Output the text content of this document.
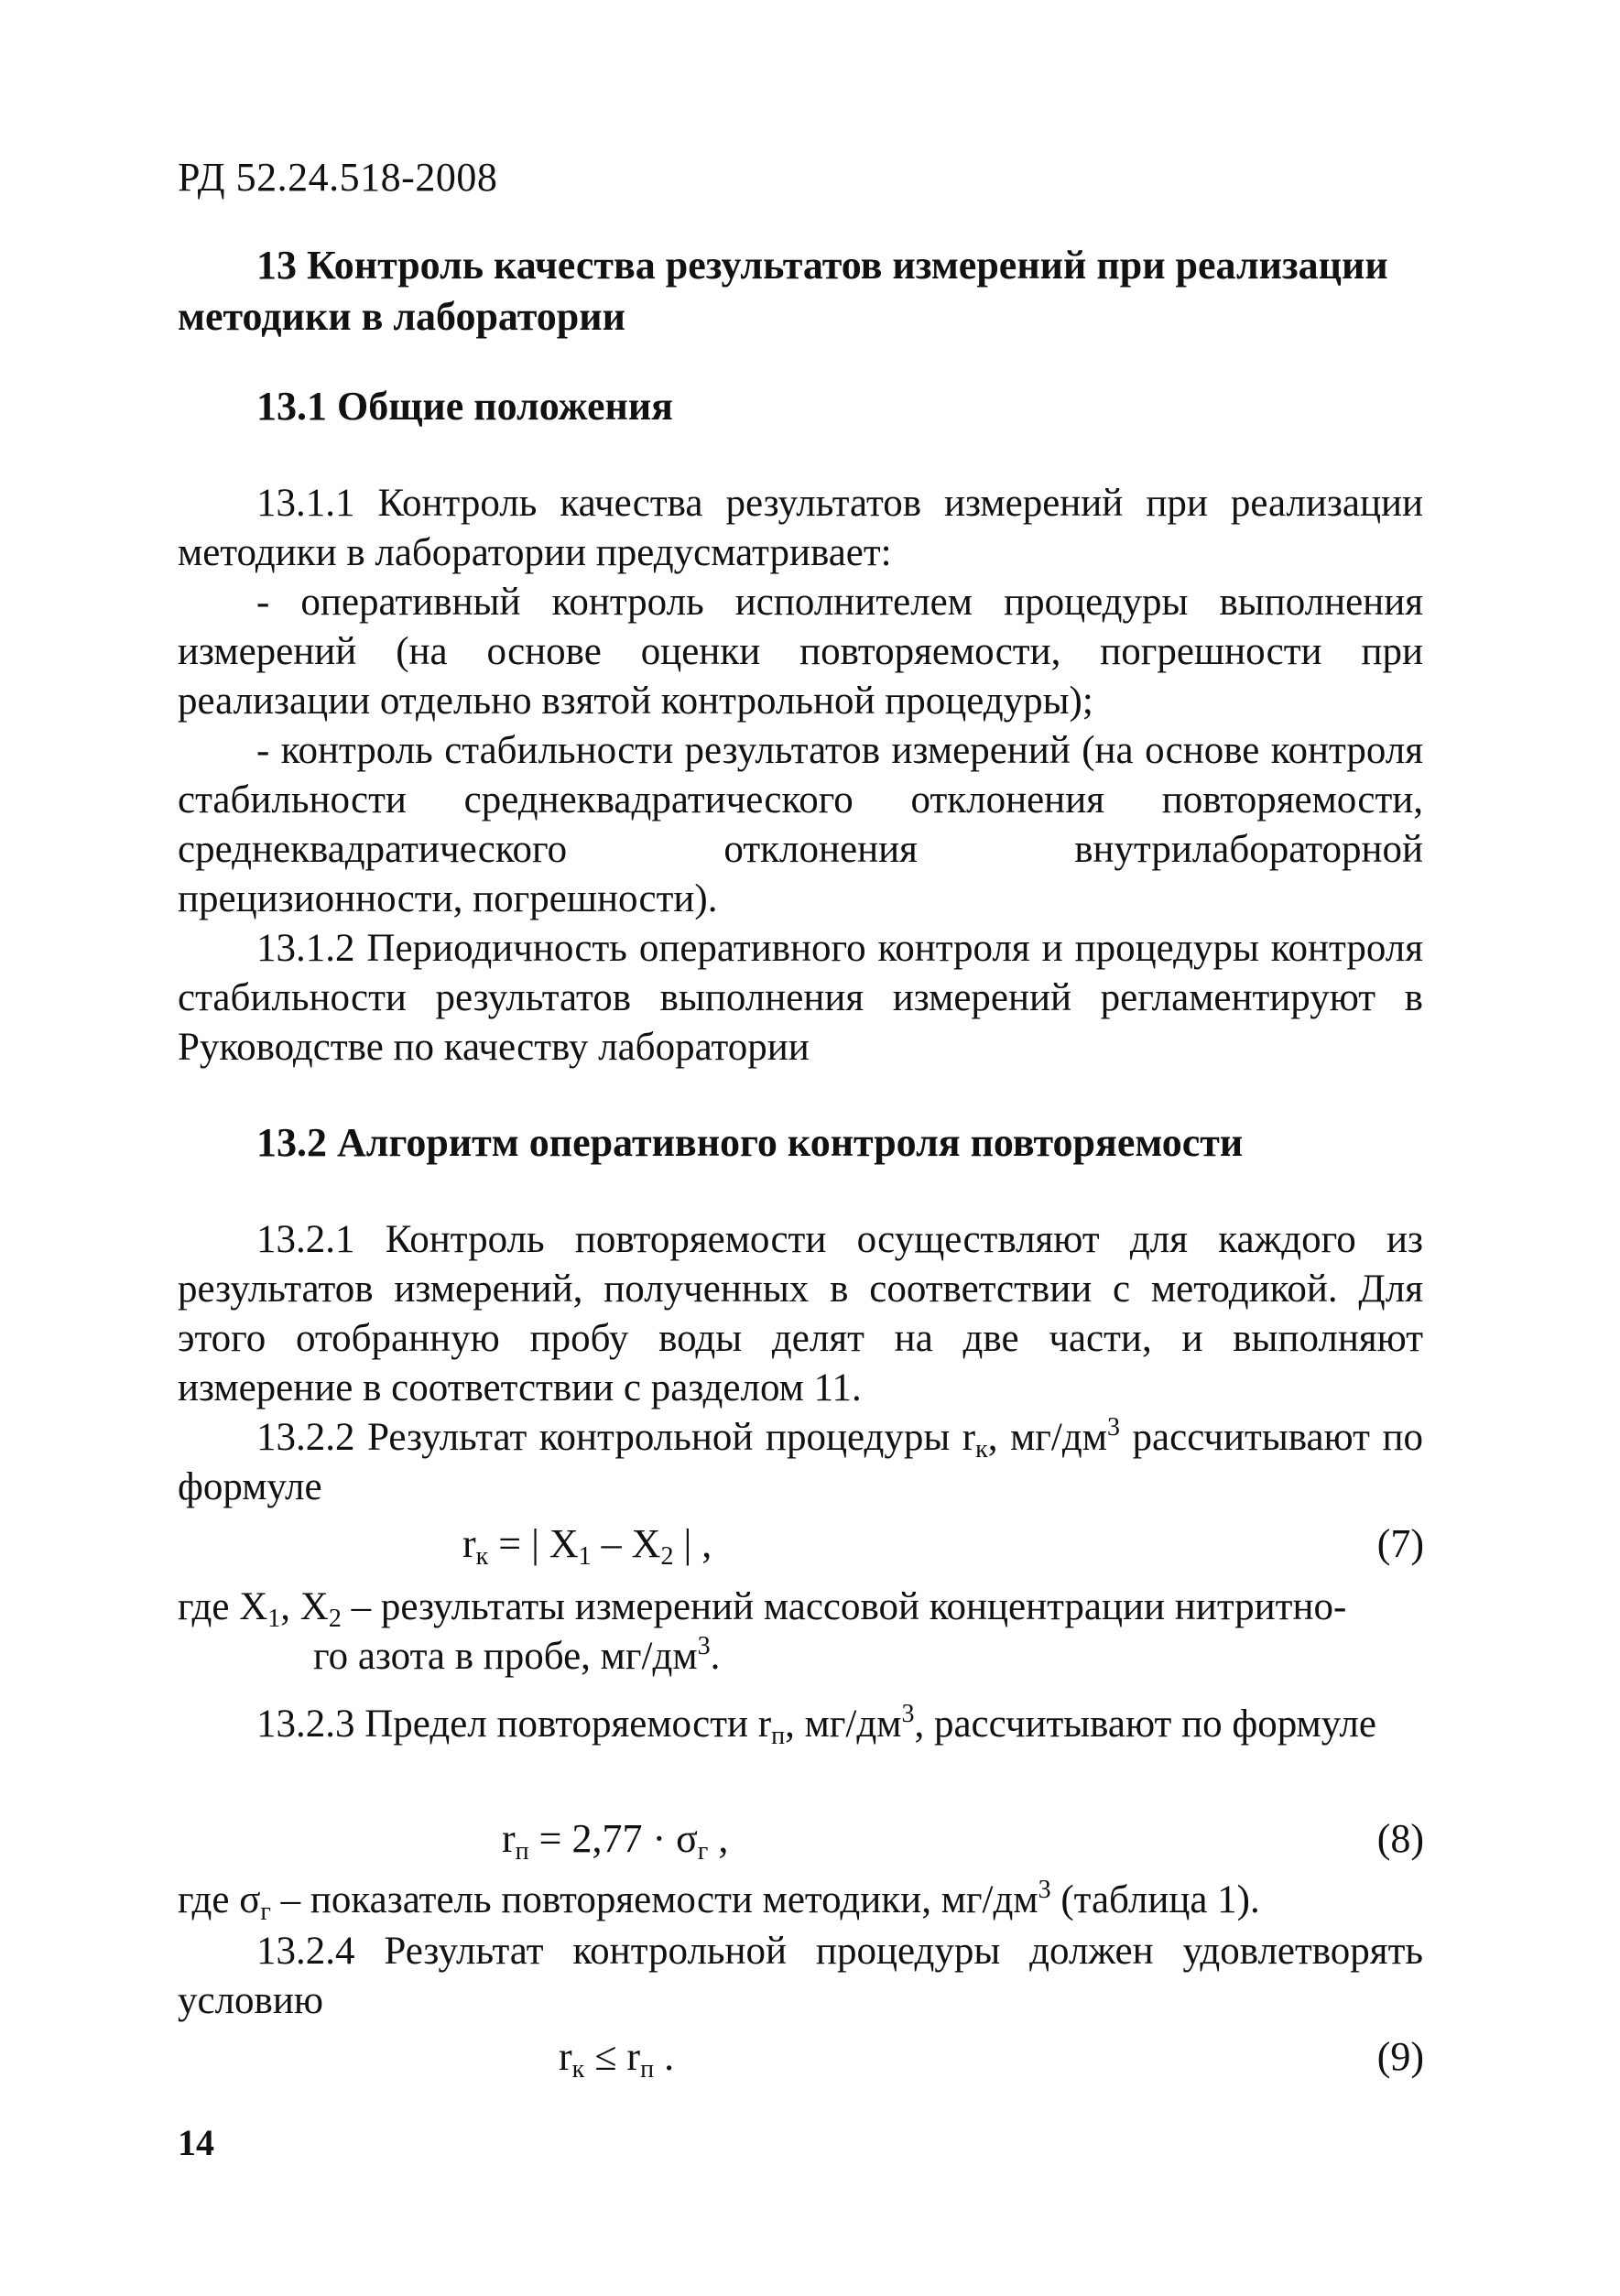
РД 52.24.518-2008
13 Контроль качества результатов измерений при реализации
методики в лаборатории
13.1 Общие положения
13.1.1 Контроль качества результатов измерений при реализации методики в лаборатории предусматривает:
- оперативный контроль исполнителем процедуры выполнения измерений (на основе оценки повторяемости, погрешности при реализации отдельно взятой контрольной процедуры);
- контроль стабильности результатов измерений (на основе контроля стабильности среднеквадратического отклонения повторяемости, среднеквадратического отклонения внутрилабораторной прецизионности, погрешности).
13.1.2 Периодичность оперативного контроля и процедуры контроля стабильности результатов выполнения измерений регламентируют в Руководстве по качеству лаборатории
13.2 Алгоритм оперативного контроля повторяемости
13.2.1 Контроль повторяемости осуществляют для каждого из результатов измерений, полученных в соответствии с методикой. Для этого отобранную пробу воды делят на две части, и выполняют измерение в соответствии с разделом 11.
13.2.2 Результат контрольной процедуры $r_к$, $мг/дм^3$ рассчитывают по формуле
$r_к$ = | $X_1 - X_2$ | ,	(7)
где $X_1$, $X_2$ – результаты измерений массовой концентрации нитритно-
го азота в пробе, $мг/дм^3$.
13.2.3 Предел повторяемости $r_п$, $мг/дм^3$, рассчитывают по формуле
$r_п = 2,77 \cdot \sigma_г$ ,	(8)
где $\sigma_г$ – показатель повторяемости методики, $мг/дм^3$ (таблица 1).
13.2.4 Результат контрольной процедуры должен удовлетворять условию
$r_к \le r_п$ .	(9)
14
